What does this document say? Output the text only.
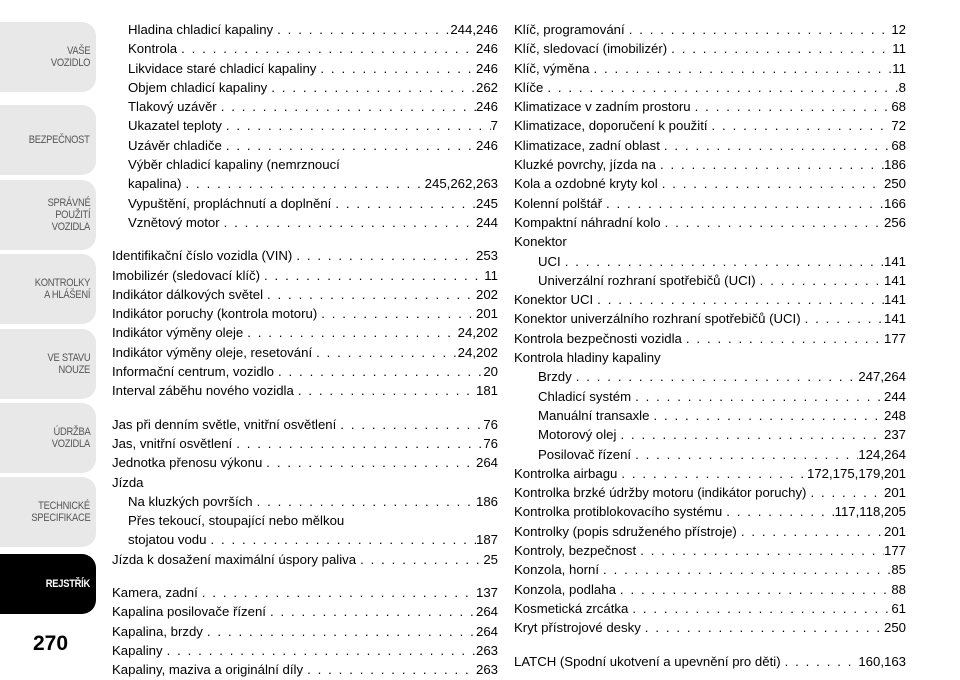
VAŠE
VOZIDLO
BEZPEČNOST
SPRÁVNÉ
POUŽITÍ
VOZIDLA
KONTROLKY
A HLÁŠENÍ
VE STAVU
NOUZE
ÚDRŽBA
VOZIDLA
TECHNICKÉ
SPECIFIKACE
REJSTŘÍK
270
Hladina chladicí kapaliny . . .	244,246
Kontrola . . .	246
Likvidace staré chladicí kapaliny . . .	246
Objem chladicí kapaliny . . .	262
Tlakový uzávěr . . .	246
Ukazatel teploty . . .	7
Uzávěr chladiče . . .	246
Výběr chladicí kapaliny (nemrznoucí
kapalina) . . .	245,262,263
Vypuštění, propláchnutí a doplnění . . .	245
Vznětový motor . . .	244
Identifikační číslo vozidla (VIN) . . .	253
Imobilizér (sledovací klíč) . . .	11
Indikátor dálkových světel . . .	202
Indikátor poruchy (kontrola motoru) . . .	201
Indikátor výměny oleje . . .	24,202
Indikátor výměny oleje, resetování . . .	24,202
Informační centrum, vozidlo . . .	20
Interval záběhu nového vozidla . . .	181
Jas při denním světle, vnitřní osvětlení . . .	76
Jas, vnitřní osvětlení . . .	76
Jednotka přenosu výkonu . . .	264
Jízda
Na kluzkých površích . . .	186
Přes tekoucí, stoupající nebo mělkou
stojatou vodu . . .	187
Jízda k dosažení maximální úspory paliva . . .	25
Kamera, zadní . . .	137
Kapalina posilovače řízení . . .	264
Kapalina, brzdy . . .	264
Kapaliny . . .	263
Kapaliny, maziva a originální díly . . .	263
Klíč, programování . . .	12
Klíč, sledovací (imobilizér) . . .	11
Klíč, výměna . . .	11
Klíče . . .	8
Klimatizace v zadním prostoru . . .	68
Klimatizace, doporučení k použití . . .	72
Klimatizace, zadní oblast . . .	68
Kluzké povrchy, jízda na . . .	186
Kola a ozdobné kryty kol . . .	250
Kolenní polštář . . .	166
Kompaktní náhradní kolo . . .	256
Konektor
UCI . . .	141
Univerzální rozhraní spotřebičů (UCI) . . .	141
Konektor UCI . . .	141
Konektor univerzálního rozhraní spotřebičů (UCI) . . .	141
Kontrola bezpečnosti vozidla . . .	177
Kontrola hladiny kapaliny
Brzdy . . .	247,264
Chladicí systém . . .	244
Manuální transaxle . . .	248
Motorový olej . . .	237
Posilovač řízení . . .	124,264
Kontrolka airbagu . . .	172,175,179,201
Kontrolka brzké údržby motoru (indikátor poruchy) . . .	201
Kontrolka protiblokovacího systému . . .	117,118,205
Kontrolky (popis sdruženého přístroje) . . .	201
Kontroly, bezpečnost . . .	177
Konzola, horní . . .	85
Konzola, podlaha . . .	88
Kosmetická zrcátka . . .	61
Kryt přístrojové desky . . .	250
LATCH (Spodní ukotvení a upevnění pro děti) . . .	160,163
